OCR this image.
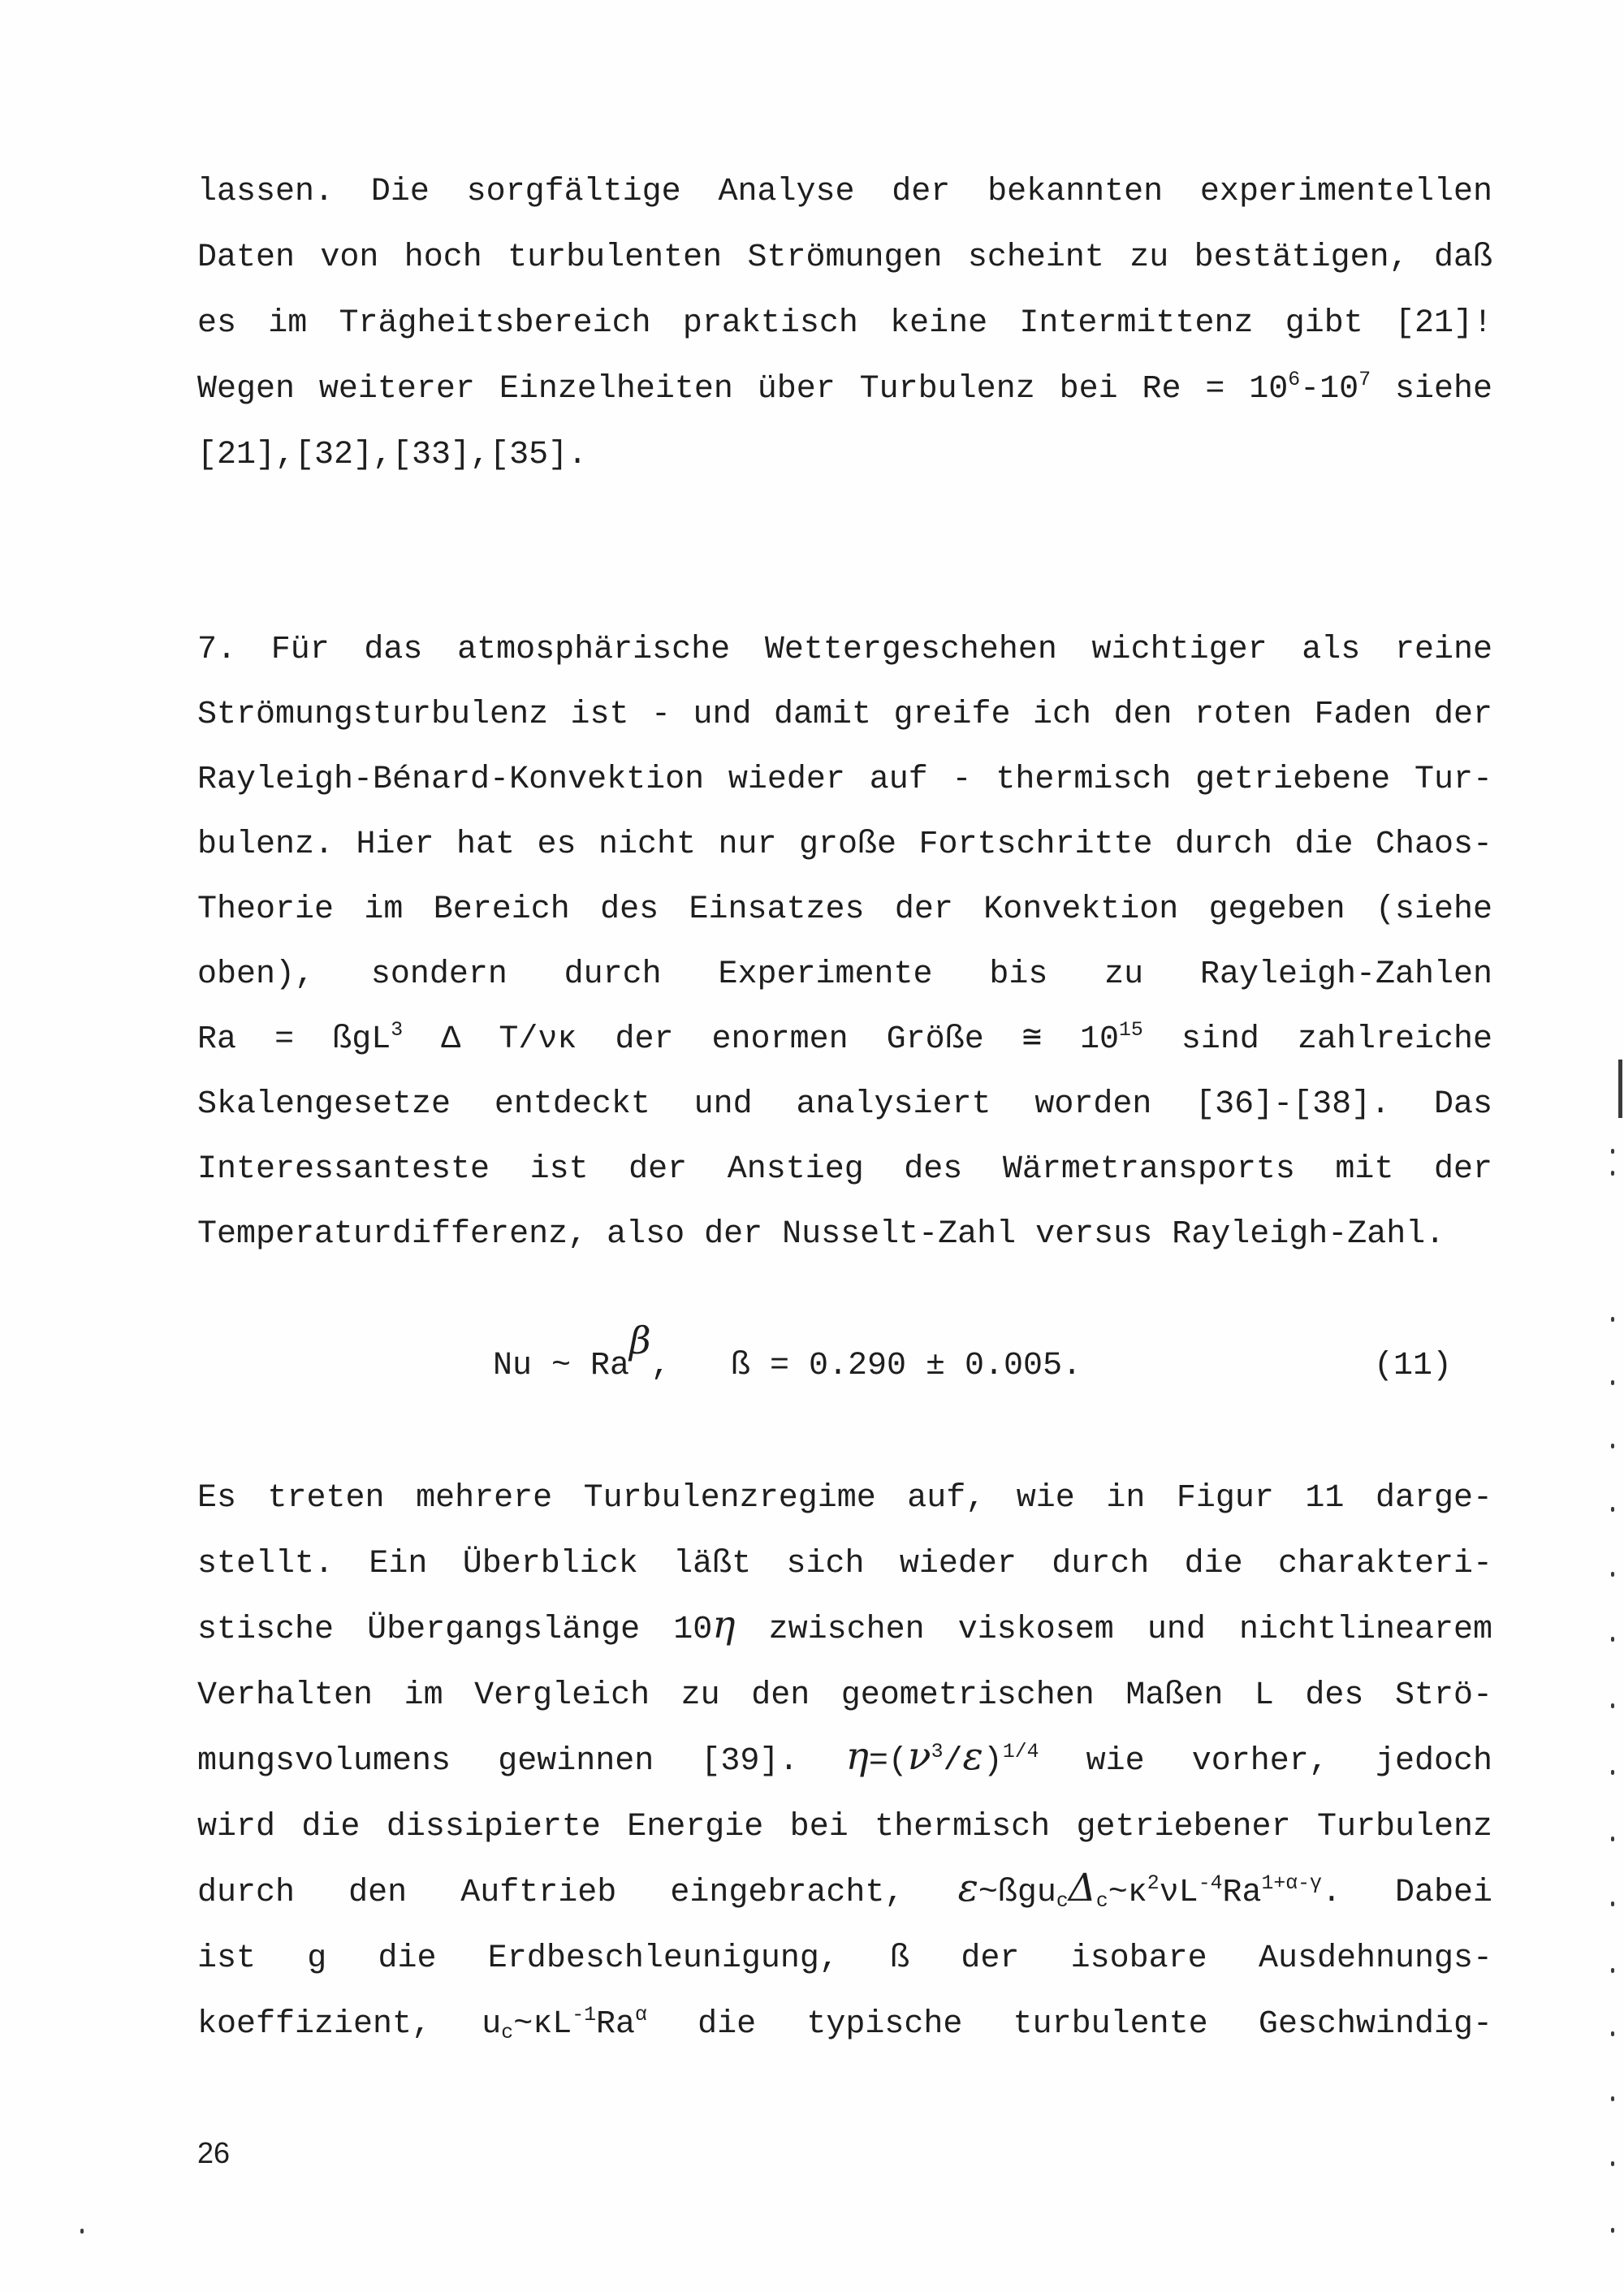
lassen. Die sorgfältige Analyse der bekannten experimentellen
Daten von hoch turbulenten Strömungen scheint zu bestätigen, daß
es im Trägheitsbereich praktisch keine Intermittenz gibt [21]!
Wegen weiterer Einzelheiten über Turbulenz bei $Re = 10^6-10^7$ siehe
[21],[32],[33],[35].
7. Für das atmosphärische Wettergeschehen wichtiger als reine
Strömungsturbulenz ist - und damit greife ich den roten Faden der
Rayleigh-Bénard-Konvektion wieder auf - thermisch getriebene Tur-
bulenz. Hier hat es nicht nur große Fortschritte durch die Chaos-
Theorie im Bereich des Einsatzes der Konvektion gegeben (siehe
oben), sondern durch Experimente bis zu Rayleigh-Zahlen
Ra = ßgL$^3$ Δ T/νκ der enormen Größe ≅ $10^{15}$ sind zahlreiche
Skalengesetze entdeckt und analysiert worden [36]-[38]. Das
Interessanteste ist der Anstieg des Wärmetransports mit der
Temperaturdifferenz, also der Nusselt-Zahl versus Rayleigh-Zahl.
Nu ~ Raβ, ß = 0.290 ± 0.005.	(11)
Es treten mehrere Turbulenzregime auf, wie in Figur 11 darge-
stellt. Ein Überblick läßt sich wieder durch die charakteri-
stische Übergangslänge 10η zwischen viskosem und nichtlinearem
Verhalten im Vergleich zu den geometrischen Maßen L des Strö-
mungsvolumens gewinnen [39]. $\eta=(\nu^3/\varepsilon)^{1/4}$ wie vorher, jedoch
wird die dissipierte Energie bei thermisch getriebener Turbulenz
durch den Auftrieb eingebracht, $\varepsilon\sim ßguc\Delta c\sim\kappa^2\nu L^{-4}Ra^{1+\alpha-\gamma}$. Dabei
ist g die Erdbeschleunigung, ß der isobare Ausdehnungs-
koeffizient, $uc\sim\kappa L^{-1}Ra^\alpha$ die typische turbulente Geschwindig-
26
